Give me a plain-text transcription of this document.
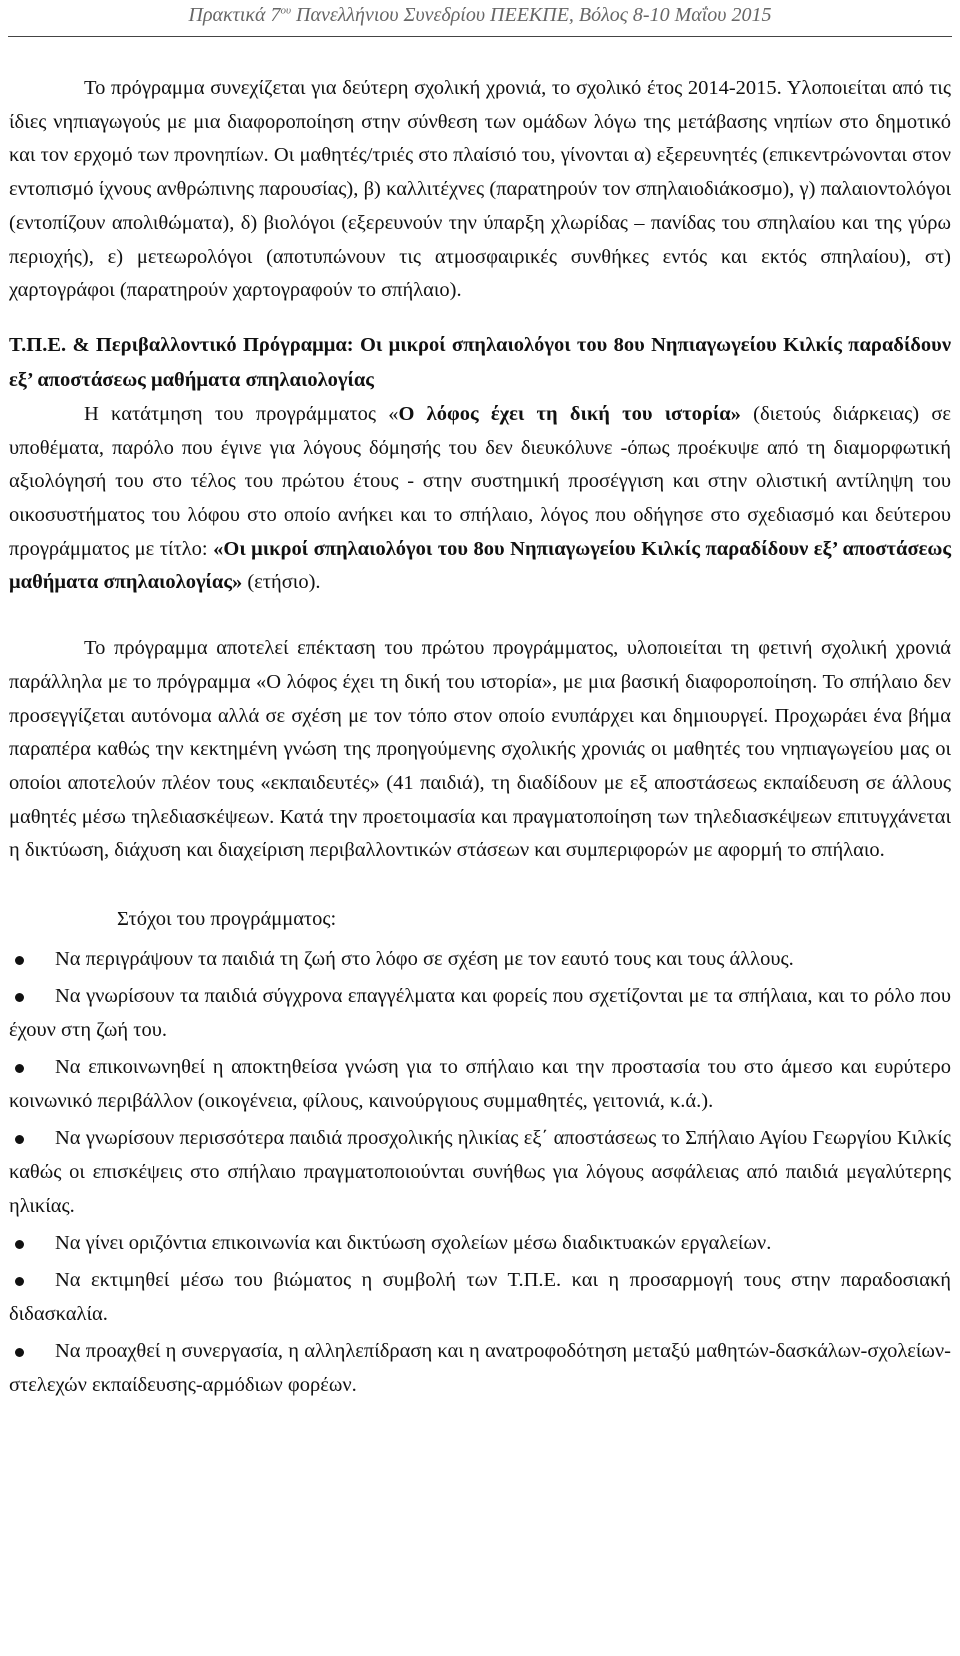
Πρακτικά $7^{o\upsilon}$ Πανελλήνιου Συνεδρίου ΠΕΕΚΠΕ, Βόλος 8-10 Μαΐου 2015

Το πρόγραμμα συνεχίζεται για δεύτερη σχολική χρονιά, το σχολικό έτος 2014-2015. Υλοποιείται από τις ίδιες νηπιαγωγούς με μια διαφοροποίηση στην σύνθεση των ομάδων λόγω της μετάβασης νηπίων στο δημοτικό και τον ερχομό των προνηπίων. Οι μαθητές/τριές στο πλαίσιό του, γίνονται α) εξερευνητές (επικεντρώνονται στον εντοπισμό ίχνους ανθρώπινης παρουσίας), β) καλλιτέχνες (παρατηρούν τον σπηλαιοδιάκοσμο), γ) παλαιοντολόγοι (εντοπίζουν απολιθώματα), δ) βιολόγοι (εξερευνούν την ύπαρξη χλωρίδας – πανίδας του σπηλαίου και της γύρω περιοχής), ε) μετεωρολόγοι (αποτυπώνουν τις ατμοσφαιρικές συνθήκες εντός και εκτός σπηλαίου), στ) χαρτογράφοι (παρατηρούν χαρτογραφούν το σπήλαιο).

Τ.Π.Ε. & Περιβαλλοντικό Πρόγραμμα: Οι μικροί σπηλαιολόγοι του 8ου Νηπιαγωγείου Κιλκίς παραδίδουν εξ’ αποστάσεως μαθήματα σπηλαιολογίας

Η κατάτμηση του προγράμματος «Ο λόφος έχει τη δική του ιστορία» (διετούς διάρκειας) σε υποθέματα, παρόλο που έγινε για λόγους δόμησής του δεν διευκόλυνε -όπως προέκυψε από τη διαμορφωτική αξιολόγησή του στο τέλος του πρώτου έτους - στην συστημική προσέγγιση και στην ολιστική αντίληψη του οικοσυστήματος του λόφου στο οποίο ανήκει και το σπήλαιο, λόγος που οδήγησε στο σχεδιασμό και δεύτερου προγράμματος με τίτλο: «Οι μικροί σπηλαιολόγοι του 8ου Νηπιαγωγείου Κιλκίς παραδίδουν εξ’ αποστάσεως μαθήματα σπηλαιολογίας» (ετήσιο).

Το πρόγραμμα αποτελεί επέκταση του πρώτου προγράμματος, υλοποιείται τη φετινή σχολική χρονιά παράλληλα με το πρόγραμμα «Ο λόφος έχει τη δική του ιστορία», με μια βασική διαφοροποίηση. Το σπήλαιο δεν προσεγγίζεται αυτόνομα αλλά σε σχέση με τον τόπο στον οποίο ενυπάρχει και δημιουργεί. Προχωράει ένα βήμα παραπέρα καθώς την κεκτημένη γνώση της προηγούμενης σχολικής χρονιάς οι μαθητές του νηπιαγωγείου μας οι οποίοι αποτελούν πλέον τους «εκπαιδευτές» (41 παιδιά), τη διαδίδουν με εξ αποστάσεως εκπαίδευση σε άλλους μαθητές μέσω τηλεδιασκέψεων. Κατά την προετοιμασία και πραγματοποίηση των τηλεδιασκέψεων επιτυγχάνεται η δικτύωση, διάχυση και διαχείριση περιβαλλοντικών στάσεων και συμπεριφορών με αφορμή το σπήλαιο.

Στόχοι του προγράμματος:

Να περιγράψουν τα παιδιά τη ζωή στο λόφο σε σχέση με τον εαυτό τους και τους άλλους.
Να γνωρίσουν τα παιδιά σύγχρονα επαγγέλματα και φορείς που σχετίζονται με τα σπήλαια, και το ρόλο που έχουν στη ζωή του.
Να επικοινωνηθεί η αποκτηθείσα γνώση για το σπήλαιο και την προστασία του στο άμεσο και ευρύτερο κοινωνικό περιβάλλον (οικογένεια, φίλους, καινούργιους συμμαθητές, γειτονιά, κ.ά.).
Να γνωρίσουν περισσότερα παιδιά προσχολικής ηλικίας εξ΄ αποστάσεως το Σπήλαιο Αγίου Γεωργίου Κιλκίς καθώς οι επισκέψεις στο σπήλαιο πραγματοποιούνται συνήθως για λόγους ασφάλειας από παιδιά μεγαλύτερης ηλικίας.
Να γίνει οριζόντια επικοινωνία και δικτύωση σχολείων μέσω διαδικτυακών εργαλείων.
Να εκτιμηθεί μέσω του βιώματος η συμβολή των Τ.Π.Ε. και η προσαρμογή τους στην παραδοσιακή διδασκαλία.
Να προαχθεί η συνεργασία, η αλληλεπίδραση και η ανατροφοδότηση μεταξύ μαθητών-δασκάλων-σχολείων-στελεχών εκπαίδευσης-αρμόδιων φορέων.
